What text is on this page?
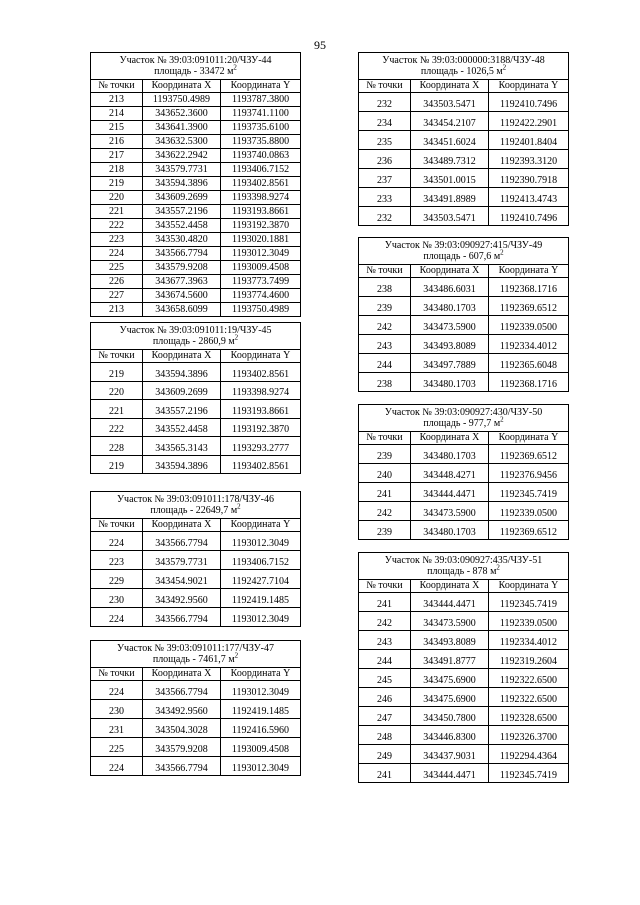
95
Участок № 39:03:091011:20/ЧЗУ-44
площадь - 33472 $м^2$
№ точки	Координата X	Координата Y
213	1193750.4989	1193787.3800
214	343652.3600	1193741.1100
215	343641.3900	1193735.6100
216	343632.5300	1193735.8800
217	343622.2942	1193740.0863
218	343579.7731	1193406.7152
219	343594.3896	1193402.8561
220	343609.2699	1193398.9274
221	343557.2196	1193193.8661
222	343552.4458	1193192.3870
223	343530.4820	1193020.1881
224	343566.7794	1193012.3049
225	343579.9208	1193009.4508
226	343677.3963	1193773.7499
227	343674.5600	1193774.4600
213	343658.6099	1193750.4989
Участок № 39:03:091011:19/ЧЗУ-45
площадь - 2860,9 $м^2$
№ точки	Координата X	Координата Y
219	343594.3896	1193402.8561
220	343609.2699	1193398.9274
221	343557.2196	1193193.8661
222	343552.4458	1193192.3870
228	343565.3143	1193293.2777
219	343594.3896	1193402.8561
Участок № 39:03:091011:178/ЧЗУ-46
площадь - 22649,7 $м^2$
№ точки	Координата X	Координата Y
224	343566.7794	1193012.3049
223	343579.7731	1193406.7152
229	343454.9021	1192427.7104
230	343492.9560	1192419.1485
224	343566.7794	1193012.3049
Участок № 39:03:091011:177/ЧЗУ-47
площадь - 7461,7 $м^2$
№ точки	Координата X	Координата Y
224	343566.7794	1193012.3049
230	343492.9560	1192419.1485
231	343504.3028	1192416.5960
225	343579.9208	1193009.4508
224	343566.7794	1193012.3049
Участок № 39:03:000000:3188/ЧЗУ-48
площадь - 1026,5 $м^2$
№ точки	Координата X	Координата Y
232	343503.5471	1192410.7496
234	343454.2107	1192422.2901
235	343451.6024	1192401.8404
236	343489.7312	1192393.3120
237	343501.0015	1192390.7918
233	343491.8989	1192413.4743
232	343503.5471	1192410.7496
Участок № 39:03:090927:415/ЧЗУ-49
площадь - 607,6 $м^2$
№ точки	Координата X	Координата Y
238	343486.6031	1192368.1716
239	343480.1703	1192369.6512
242	343473.5900	1192339.0500
243	343493.8089	1192334.4012
244	343497.7889	1192365.6048
238	343480.1703	1192368.1716
Участок № 39:03:090927:430/ЧЗУ-50
площадь - 977,7 $м^2$
№ точки	Координата X	Координата Y
239	343480.1703	1192369.6512
240	343448.4271	1192376.9456
241	343444.4471	1192345.7419
242	343473.5900	1192339.0500
239	343480.1703	1192369.6512
Участок № 39:03:090927:435/ЧЗУ-51
площадь - 878 $м^2$
№ точки	Координата X	Координата Y
241	343444.4471	1192345.7419
242	343473.5900	1192339.0500
243	343493.8089	1192334.4012
244	343491.8777	1192319.2604
245	343475.6900	1192322.6500
246	343475.6900	1192322.6500
247	343450.7800	1192328.6500
248	343446.8300	1192326.3700
249	343437.9031	1192294.4364
241	343444.4471	1192345.7419
